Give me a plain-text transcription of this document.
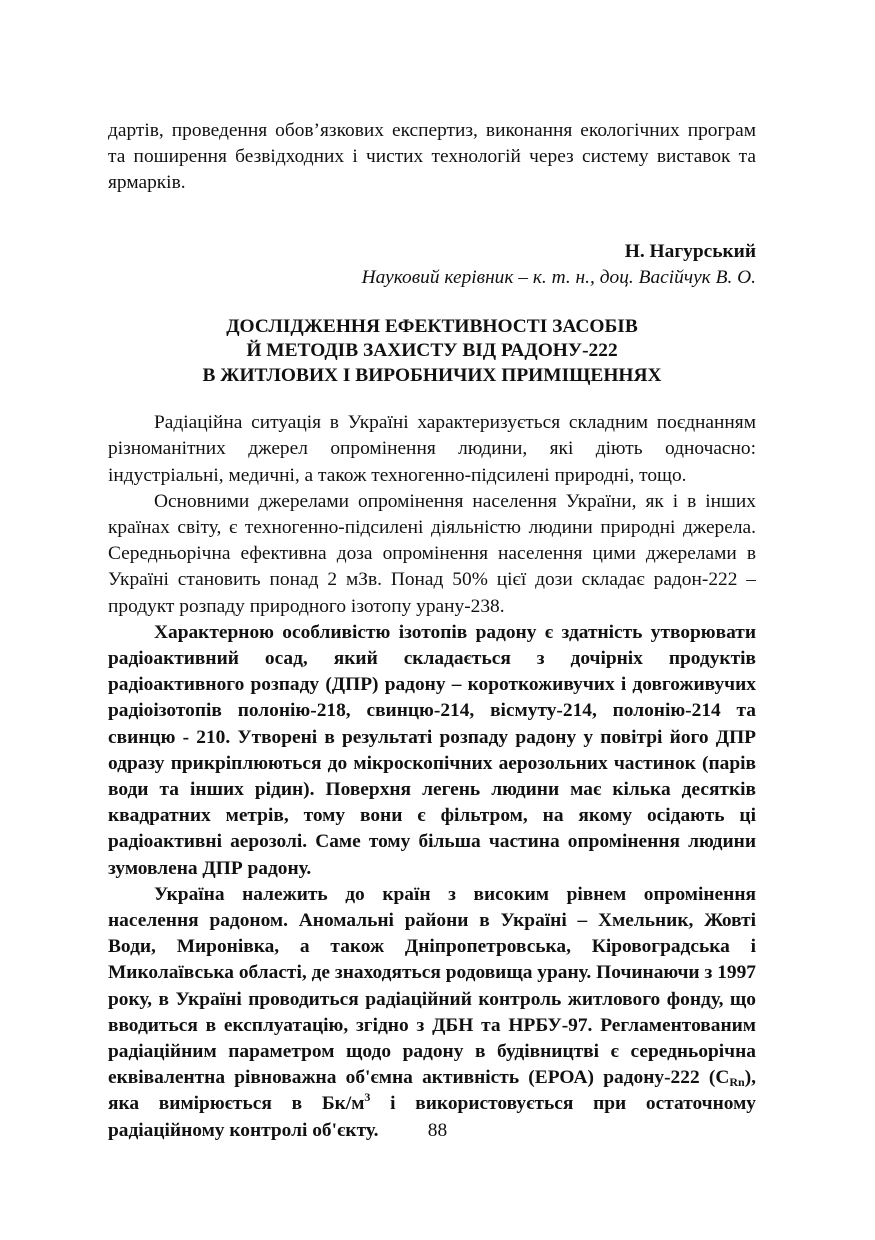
дартів, проведення обов’язкових експертиз, виконання екологічних програм та поширення безвідходних і чистих технологій через систему виставок та ярмарків.

Н. Нагурський

Науковий керівник – к. т. н., доц. Васійчук В. О.

ДОСЛІДЖЕННЯ ЕФЕКТИВНОСТІ ЗАСОБІВ
Й МЕТОДІВ ЗАХИСТУ ВІД РАДОНУ-222
В ЖИТЛОВИХ І ВИРОБНИЧИХ ПРИМІЩЕННЯХ

Радіаційна ситуація в Україні характеризується складним поєднанням різноманітних джерел опромінення людини, які діють одночасно: індустріальні, медичні, а також техногенно-підсилені природні, тощо.

Основними джерелами опромінення населення України, як і в інших країнах світу, є техногенно-підсилені діяльністю людини природні джерела. Середньорічна ефективна доза опромінення населення цими джерелами в Україні становить понад 2 мЗв. Понад 50% цієї дози складає радон-222 – продукт розпаду природного ізотопу урану-238.

Характерною особливістю ізотопів радону є здатність утворювати радіоактивний осад, який складається з дочірніх продуктів радіоактивного розпаду (ДПР) радону – короткоживучих і довгоживучих радіоізотопів полонію-218, свинцю-214, вісмуту-214, полонію-214 та свинцю - 210. Утворені в результаті розпаду радону у повітрі його ДПР одразу прикріплюються до мікроскопічних аерозольних частинок (парів води та інших рідин). Поверхня легень людини має кілька десятків квадратних метрів, тому вони є фільтром, на якому осідають ці радіоактивні аерозолі. Саме тому більша частина опромінення людини зумовлена ДПР радону.

Україна належить до країн з високим рівнем опромінення населення радоном. Аномальні райони в Україні – Хмельник, Жовті Води, Миронівка, а також Дніпропетровська, Кіровоградська і Миколаївська області, де знаходяться родовища урану. Починаючи з 1997 року, в Україні проводиться радіаційний контроль житлового фонду, що вводиться в експлуатацію, згідно з ДБН та НРБУ-97. Регламентованим радіаційним параметром щодо радону в будівництві є середньорічна еквівалентна рівноважна об'ємна активність (ЕРОА) радону-222 $(C_{Rn})$, яка вимірюється в $Бк/м^3$ і використовується при остаточному радіаційному контролі об'єкту.	88
